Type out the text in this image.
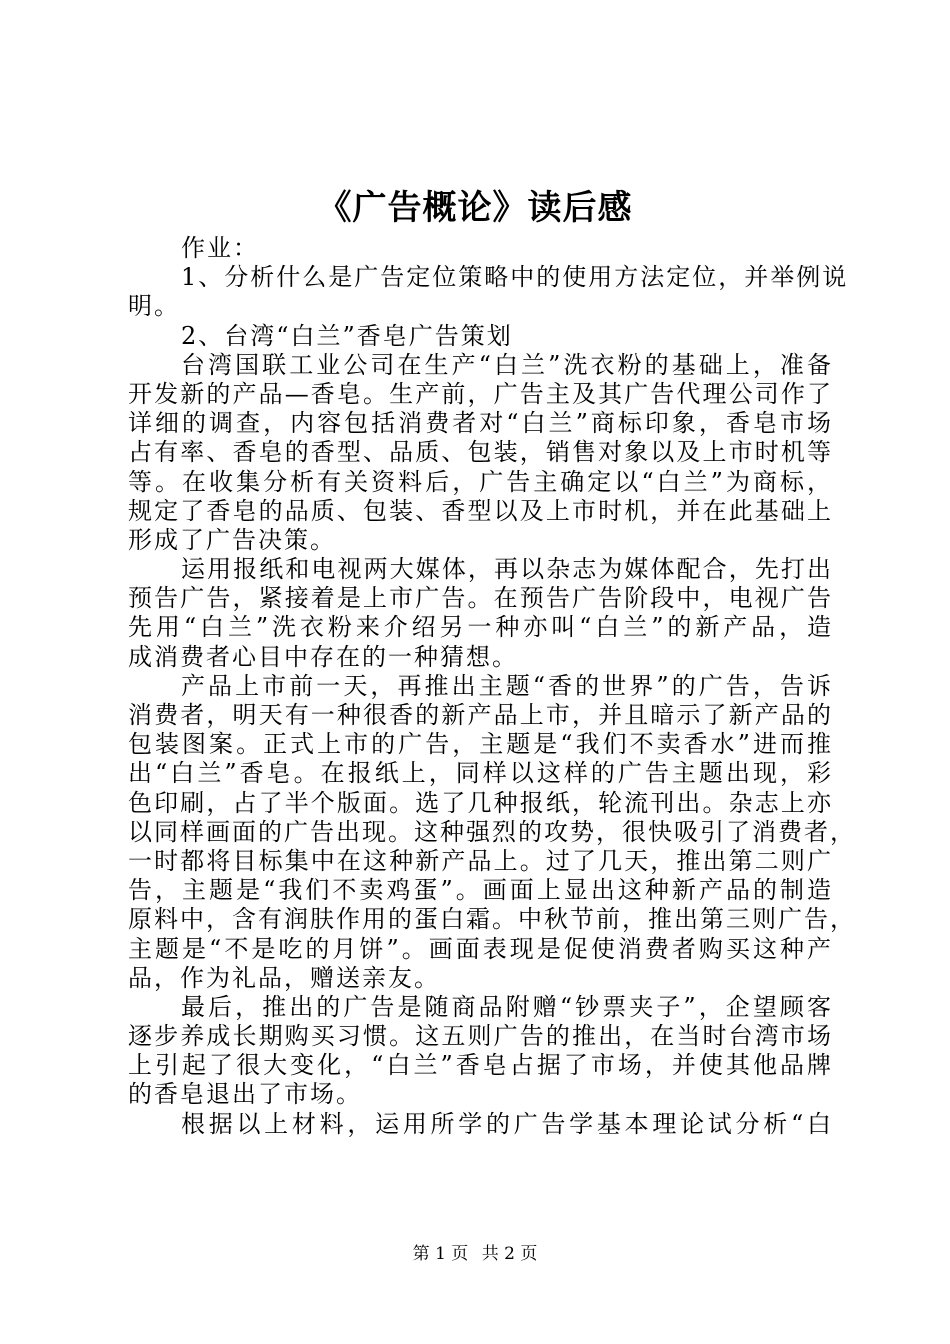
《广告概论》读后感
作业：
1、分析什么是广告定位策略中的使用方法定位，并举例说
明。
2、台湾“白兰”香皂广告策划
台湾国联工业公司在生产“白兰”洗衣粉的基础上，准备
开发新的产品—香皂。生产前，广告主及其广告代理公司作了
详细的调查，内容包括消费者对“白兰”商标印象，香皂市场
占有率、香皂的香型、品质、包装，销售对象以及上市时机等
等。在收集分析有关资料后，广告主确定以“白兰”为商标，
规定了香皂的品质、包装、香型以及上市时机，并在此基础上
形成了广告决策。
运用报纸和电视两大媒体，再以杂志为媒体配合，先打出
预告广告，紧接着是上市广告。在预告广告阶段中，电视广告
先用“白兰”洗衣粉来介绍另一种亦叫“白兰”的新产品，造
成消费者心目中存在的一种猜想。
产品上市前一天，再推出主题“香的世界”的广告，告诉
消费者，明天有一种很香的新产品上市，并且暗示了新产品的
包装图案。正式上市的广告，主题是“我们不卖香水”进而推
出“白兰”香皂。在报纸上，同样以这样的广告主题出现，彩
色印刷，占了半个版面。选了几种报纸，轮流刊出。杂志上亦
以同样画面的广告出现。这种强烈的攻势，很快吸引了消费者，
一时都将目标集中在这种新产品上。过了几天，推出第二则广
告，主题是“我们不卖鸡蛋”。画面上显出这种新产品的制造
原料中，含有润肤作用的蛋白霜。中秋节前，推出第三则广告，
主题是“不是吃的月饼”。画面表现是促使消费者购买这种产
品，作为礼品，赠送亲友。
最后，推出的广告是随商品附赠“钞票夹子”，企望顾客
逐步养成长期购买习惯。这五则广告的推出，在当时台湾市场
上引起了很大变化，“白兰”香皂占据了市场，并使其他品牌
的香皂退出了市场。
根据以上材料，运用所学的广告学基本理论试分析“白
第 1 页 共 2 页
